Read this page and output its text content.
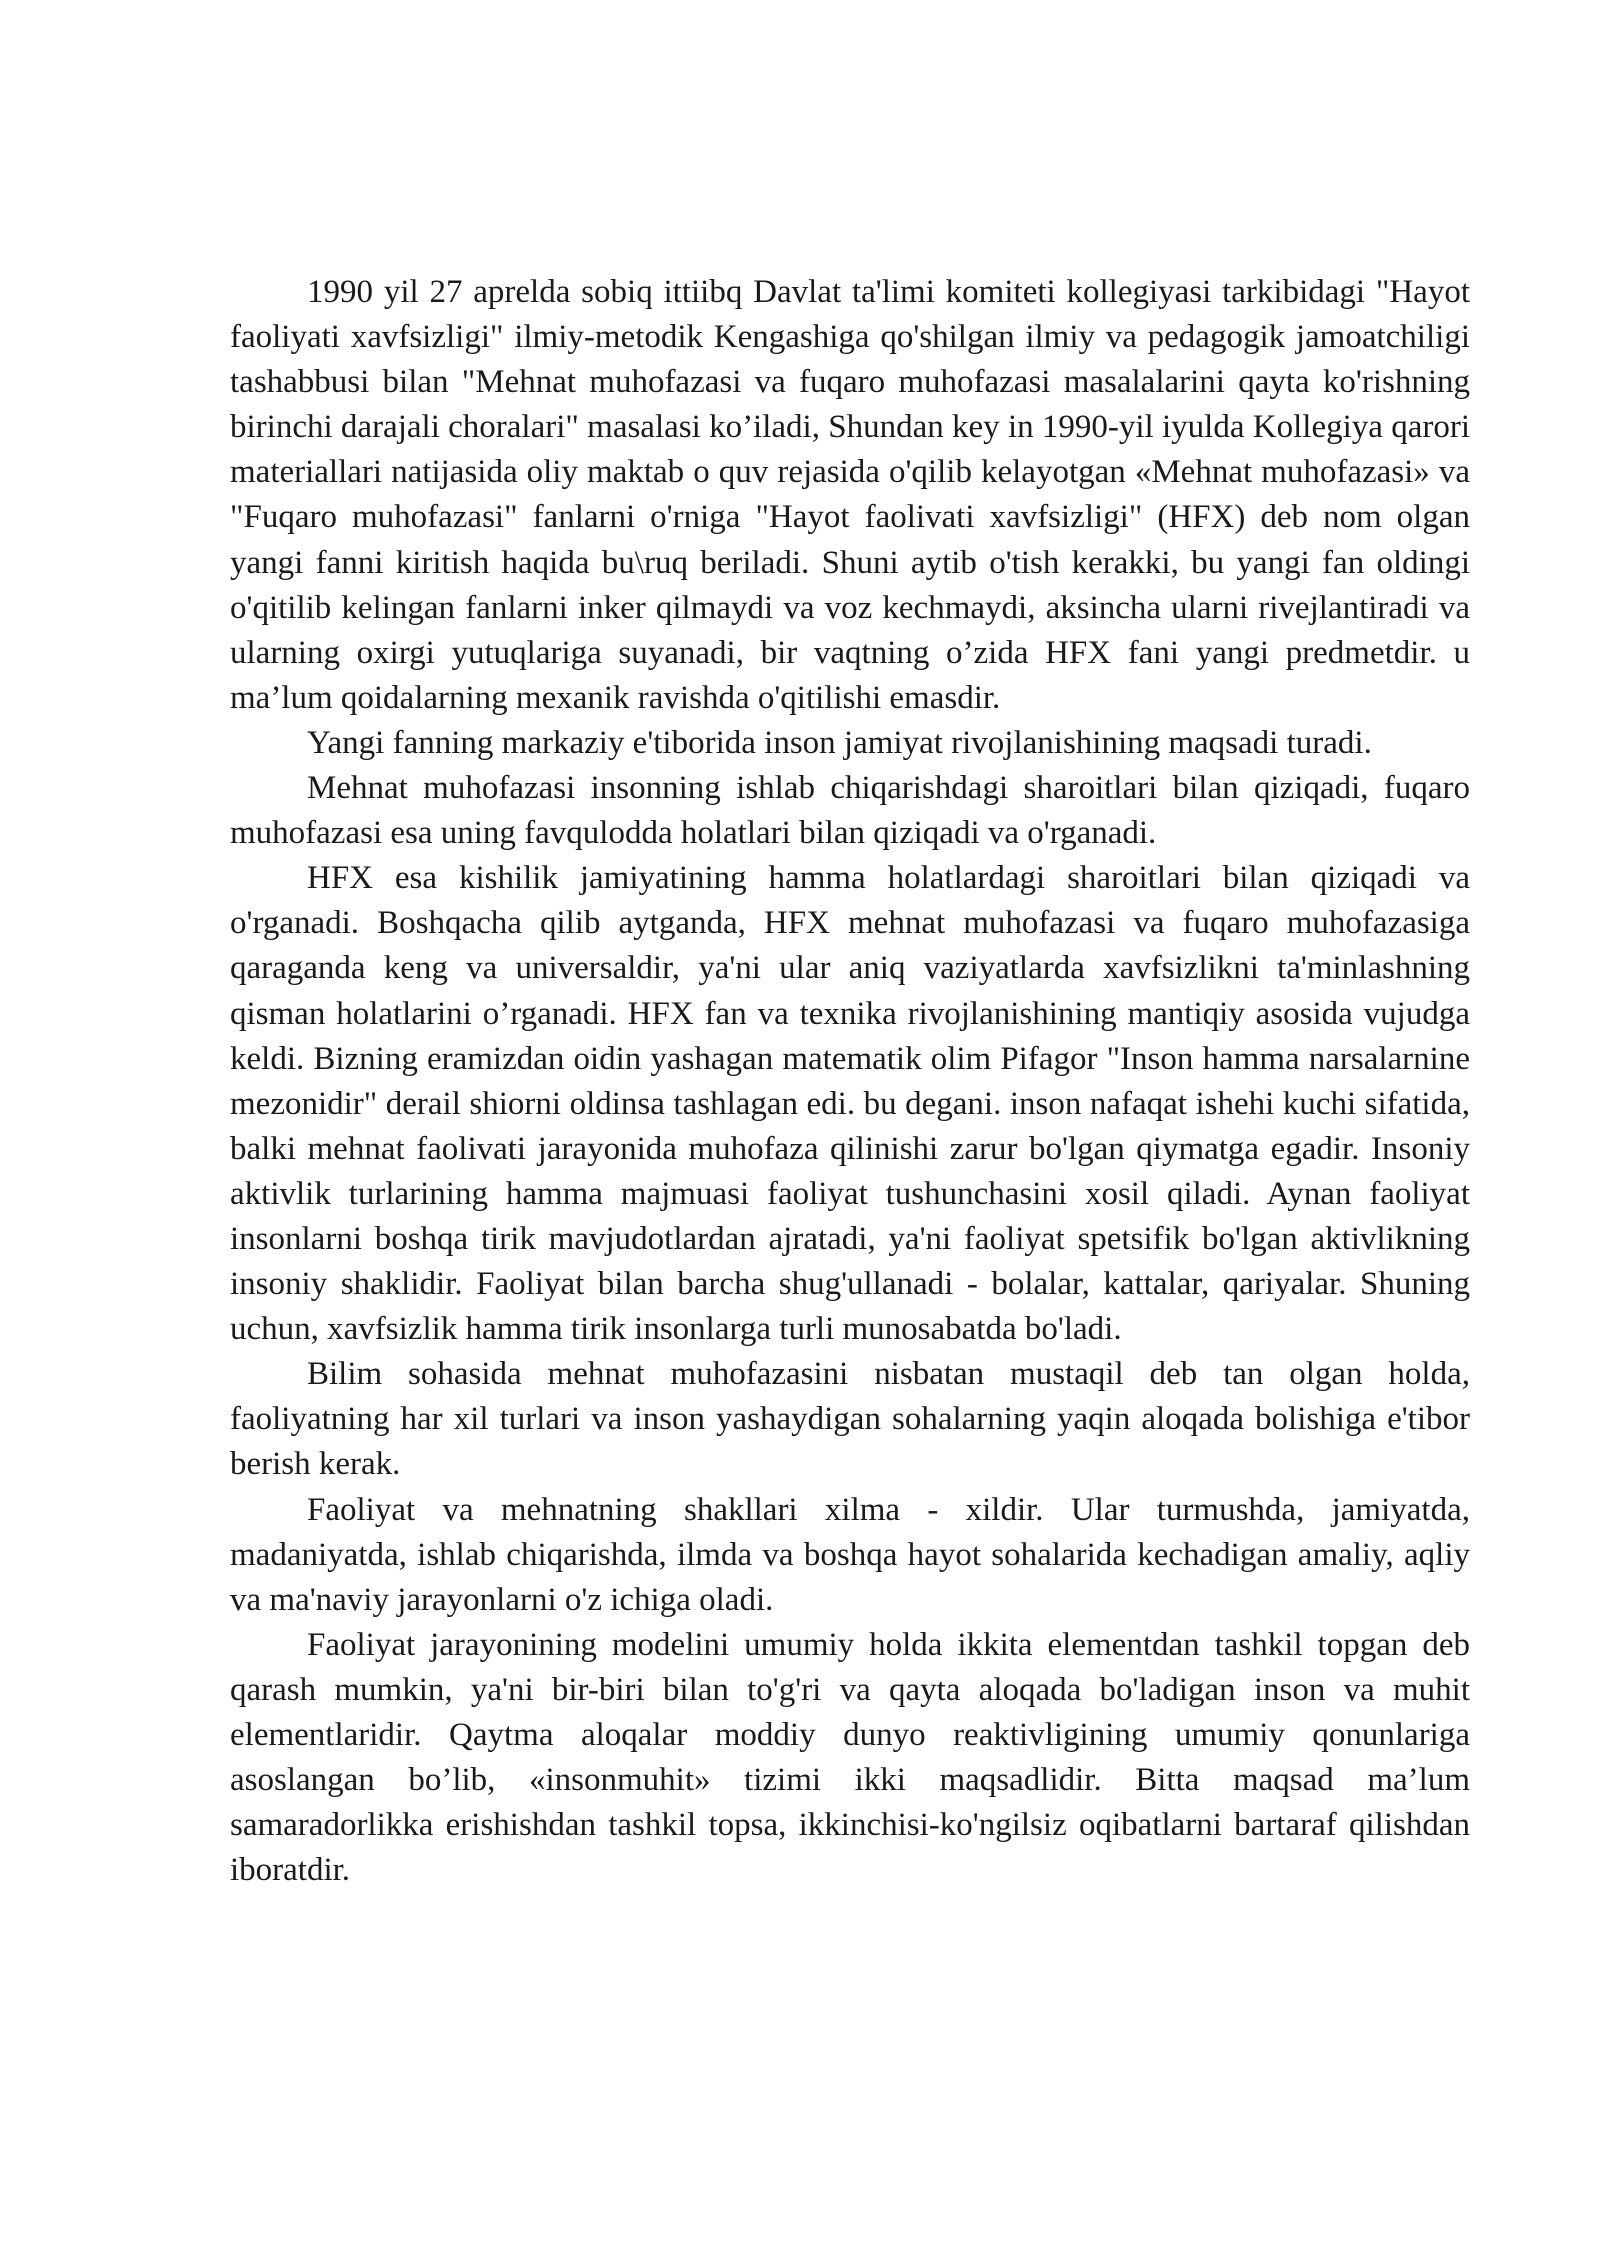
1990 yil 27 aprelda sobiq ittiibq Davlat ta'limi komiteti kollegiyasi tarkibidagi "Hayot faoliyati xavfsizligi" ilmiy-metodik Kengashiga qo'shilgan ilmiy va pedagogik jamoatchiligi tashabbusi bilan "Mehnat muhofazasi va fuqaro muhofazasi masalalarini qayta ko'rishning birinchi darajali choralari" masalasi ko’iladi, Shundan key in 1990-yil iyulda Kollegiya qarori materiallari natijasida oliy maktab o quv rejasida o'qilib kelayotgan «Mehnat muhofazasi» va "Fuqaro muhofazasi" fanlarni o'rniga "Hayot faolivati xavfsizligi" (HFX) deb nom olgan yangi fanni kiritish haqida bu\ruq beriladi. Shuni aytib o'tish kerakki, bu yangi fan oldingi o'qitilib kelingan fanlarni inker qilmaydi va voz kechmaydi, aksincha ularni rivejlantiradi va ularning oxirgi yutuqlariga suyanadi, bir vaqtning o’zida HFX fani yangi predmetdir. u ma’lum qoidalarning mexanik ravishda o'qitilishi emasdir.

Yangi fanning markaziy e'tiborida inson jamiyat rivojlanishining maqsadi turadi.

Mehnat muhofazasi insonning ishlab chiqarishdagi sharoitlari bilan qiziqadi, fuqaro muhofazasi esa uning favqulodda holatlari bilan qiziqadi va o'rganadi.

HFX esa kishilik jamiyatining hamma holatlardagi sharoitlari bilan qiziqadi va o'rganadi. Boshqacha qilib aytganda, HFX mehnat muhofazasi va fuqaro muhofazasiga qaraganda keng va universaldir, ya'ni ular aniq vaziyatlarda xavfsizlikni ta'minlashning qisman holatlarini o’rganadi. HFX fan va texnika rivojlanishining mantiqiy asosida vujudga keldi. Bizning eramizdan oidin yashagan matematik olim Pifagor "Inson hamma narsalarnine mezonidir" derail shiorni oldinsa tashlagan edi. bu degani. inson nafaqat ishehi kuchi sifatida, balki mehnat faolivati jarayonida muhofaza qilinishi zarur bo'lgan qiymatga egadir. Insoniy aktivlik turlarining hamma majmuasi faoliyat tushunchasini xosil qiladi. Aynan faoliyat insonlarni boshqa tirik mavjudotlardan ajratadi, ya'ni faoliyat spetsifik bo'lgan aktivlikning insoniy shaklidir. Faoliyat bilan barcha shug'ullanadi - bolalar, kattalar, qariyalar. Shuning uchun, xavfsizlik hamma tirik insonlarga turli munosabatda bo'ladi.

Bilim sohasida mehnat muhofazasini nisbatan mustaqil deb tan olgan holda, faoliyatning har xil turlari va inson yashaydigan sohalarning yaqin aloqada bolishiga e'tibor berish kerak.

Faoliyat va mehnatning shakllari xilma - xildir. Ular turmushda, jamiyatda, madaniyatda, ishlab chiqarishda, ilmda va boshqa hayot sohalarida kechadigan amaliy, aqliy va ma'naviy jarayonlarni o'z ichiga oladi.

Faoliyat jarayonining modelini umumiy holda ikkita elementdan tashkil topgan deb qarash mumkin, ya'ni bir-biri bilan to'g'ri va qayta aloqada bo'ladigan inson va muhit elementlaridir. Qaytma aloqalar moddiy dunyo reaktivligining umumiy qonunlariga asoslangan bo’lib, «insonmuhit» tizimi ikki maqsadlidir. Bitta maqsad ma’lum samaradorlikka erishishdan tashkil topsa, ikkinchisi-ko'ngilsiz oqibatlarni bartaraf qilishdan iboratdir.
